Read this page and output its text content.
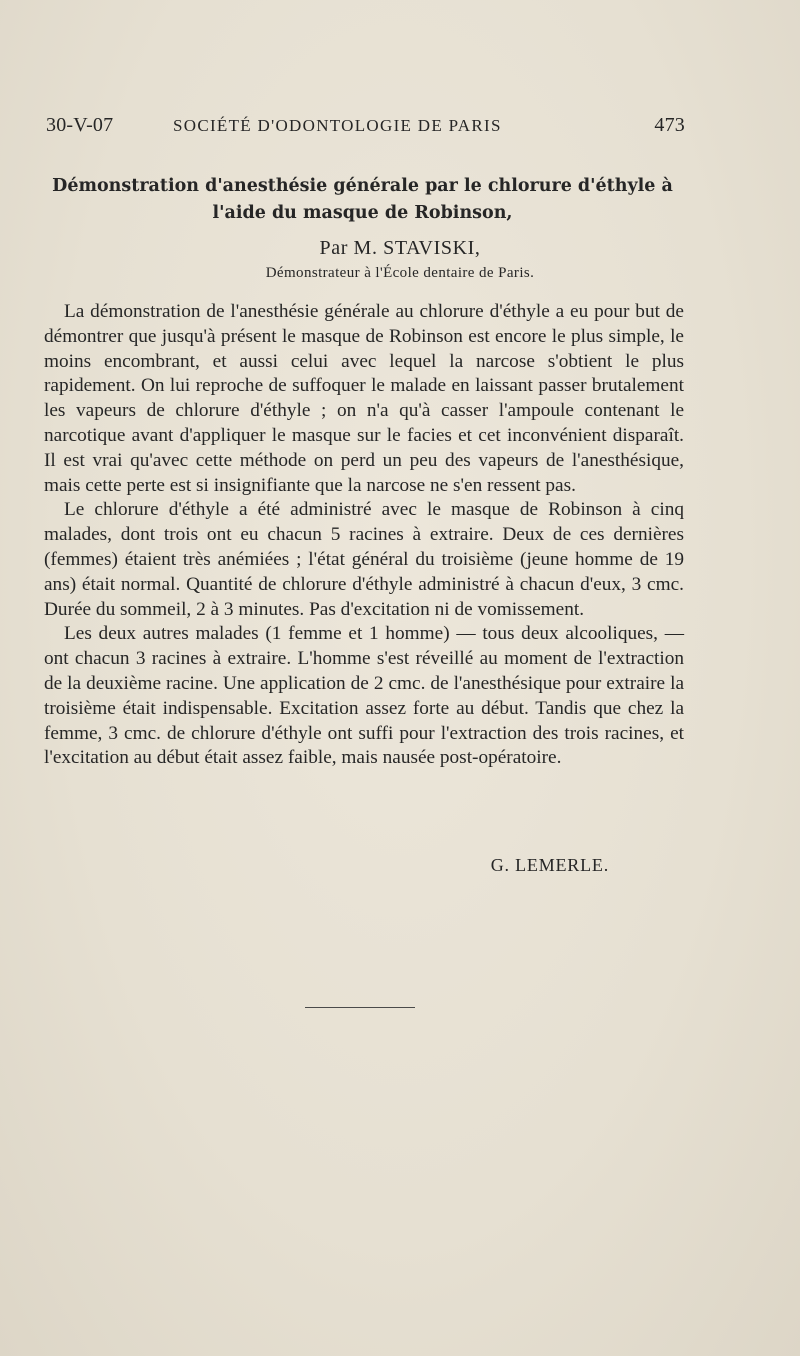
30-V-07	SOCIÉTÉ D'ODONTOLOGIE DE PARIS	473
Démonstration d'anesthésie générale par le chlorure d'éthyle à
l'aide du masque de Robinson,
Par M. STAVISKI,
Démonstrateur à l'École dentaire de Paris.

La démonstration de l'anesthésie générale au chlorure d'éthyle a eu pour but de démontrer que jusqu'à présent le masque de Robinson est encore le plus simple, le moins encombrant, et aussi celui avec lequel la narcose s'obtient le plus rapidement. On lui reproche de suffoquer le malade en laissant passer brutalement les vapeurs de chlorure d'éthyle ; on n'a qu'à casser l'ampoule contenant le narcotique avant d'appliquer le masque sur le facies et cet inconvénient disparaît. Il est vrai qu'avec cette méthode on perd un peu des vapeurs de l'anesthésique, mais cette perte est si insignifiante que la narcose ne s'en ressent pas.

Le chlorure d'éthyle a été administré avec le masque de Robinson à cinq malades, dont trois ont eu chacun 5 racines à extraire. Deux de ces dernières (femmes) étaient très anémiées ; l'état général du troisième (jeune homme de 19 ans) était normal. Quantité de chlorure d'éthyle administré à chacun d'eux, 3 cmc. Durée du sommeil, 2 à 3 minutes. Pas d'excitation ni de vomissement.

Les deux autres malades (1 femme et 1 homme) — tous deux alcooliques, — ont chacun 3 racines à extraire. L'homme s'est réveillé au moment de l'extraction de la deuxième racine. Une application de 2 cmc. de l'anesthésique pour extraire la troisième était indispensable. Excitation assez forte au début. Tandis que chez la femme, 3 cmc. de chlorure d'éthyle ont suffi pour l'extraction des trois racines, et l'excitation au début était assez faible, mais nausée post-opératoire.

G. LEMERLE.
